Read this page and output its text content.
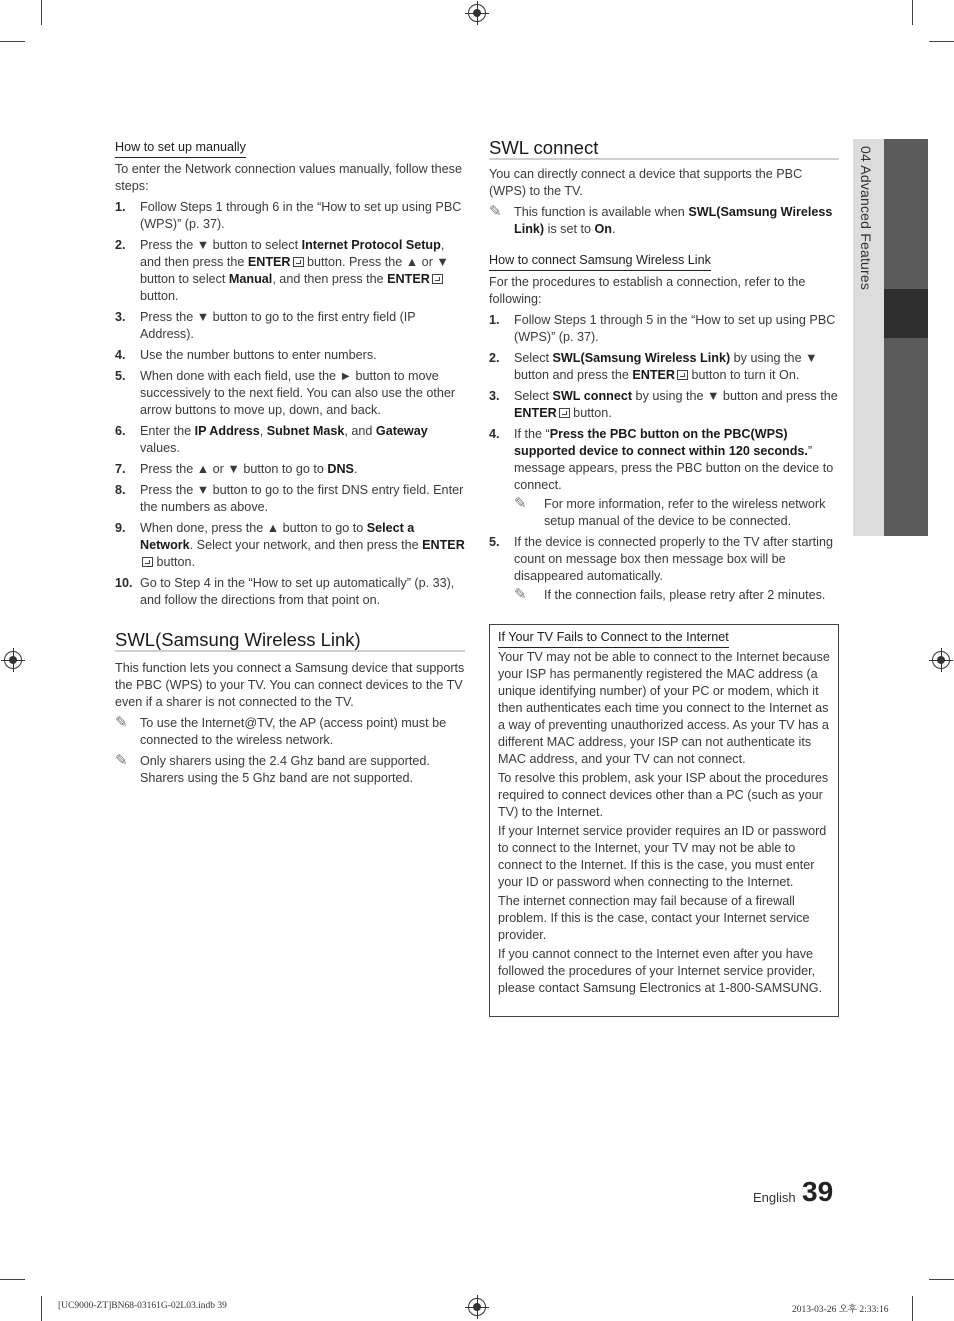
04 Advanced Features
How to set up manually
To enter the Network connection values manually, follow these steps:
1. Follow Steps 1 through 6 in the “How to set up using PBC (WPS)” (p. 37).
2. Press the ▼ button to select Internet Protocol Setup, and then press the ENTER button. Press the ▲ or ▼ button to select Manual, and then press the ENTER button.
3. Press the ▼ button to go to the first entry field (IP Address).
4. Use the number buttons to enter numbers.
5. When done with each field, use the ► button to move successively to the next field. You can also use the other arrow buttons to move up, down, and back.
6. Enter the IP Address, Subnet Mask, and Gateway values.
7. Press the ▲ or ▼ button to go to DNS.
8. Press the ▼ button to go to the first DNS entry field. Enter the numbers as above.
9. When done, press the ▲ button to go to Select a Network. Select your network, and then press the ENTER button.
10. Go to Step 4 in the “How to set up automatically” (p. 33), and follow the directions from that point on.
SWL(Samsung Wireless Link)
This function lets you connect a Samsung device that supports the PBC (WPS) to your TV. You can connect devices to the TV even if a sharer is not connected to the TV.
✎ To use the Internet@TV, the AP (access point) must be connected to the wireless network.
✎ Only sharers using the 2.4 Ghz band are supported. Sharers using the 5 Ghz band are not supported.
SWL connect
You can directly connect a device that supports the PBC (WPS) to the TV.
✎ This function is available when SWL(Samsung Wireless Link) is set to On.
How to connect Samsung Wireless Link
For the procedures to establish a connection, refer to the following:
1. Follow Steps 1 through 5 in the “How to set up using PBC (WPS)” (p. 37).
2. Select SWL(Samsung Wireless Link) by using the ▼ button and press the ENTER button to turn it On.
3. Select SWL connect by using the ▼ button and press the ENTER button.
4. If the “Press the PBC button on the PBC(WPS) supported device to connect within 120 seconds.” message appears, press the PBC button on the device to connect.
✎ For more information, refer to the wireless network setup manual of the device to be connected.
5. If the device is connected properly to the TV after starting count on message box then message box will be disappeared automatically.
✎ If the connection fails, please retry after 2 minutes.
If Your TV Fails to Connect to the Internet
Your TV may not be able to connect to the Internet because your ISP has permanently registered the MAC address (a unique identifying number) of your PC or modem, which it then authenticates each time you connect to the Internet as a way of preventing unauthorized access. As your TV has a different MAC address, your ISP can not authenticate its MAC address, and your TV can not connect.
To resolve this problem, ask your ISP about the procedures required to connect devices other than a PC (such as your TV) to the Internet.
If your Internet service provider requires an ID or password to connect to the Internet, your TV may not be able to connect to the Internet. If this is the case, you must enter your ID or password when connecting to the Internet.
The internet connection may fail because of a firewall problem. If this is the case, contact your Internet service provider.
If you cannot connect to the Internet even after you have followed the procedures of your Internet service provider, please contact Samsung Electronics at 1-800-SAMSUNG.
English 39
[UC9000-ZT]BN68-03161G-02L03.indb 39	2013-03-26 오후 2:33:16
